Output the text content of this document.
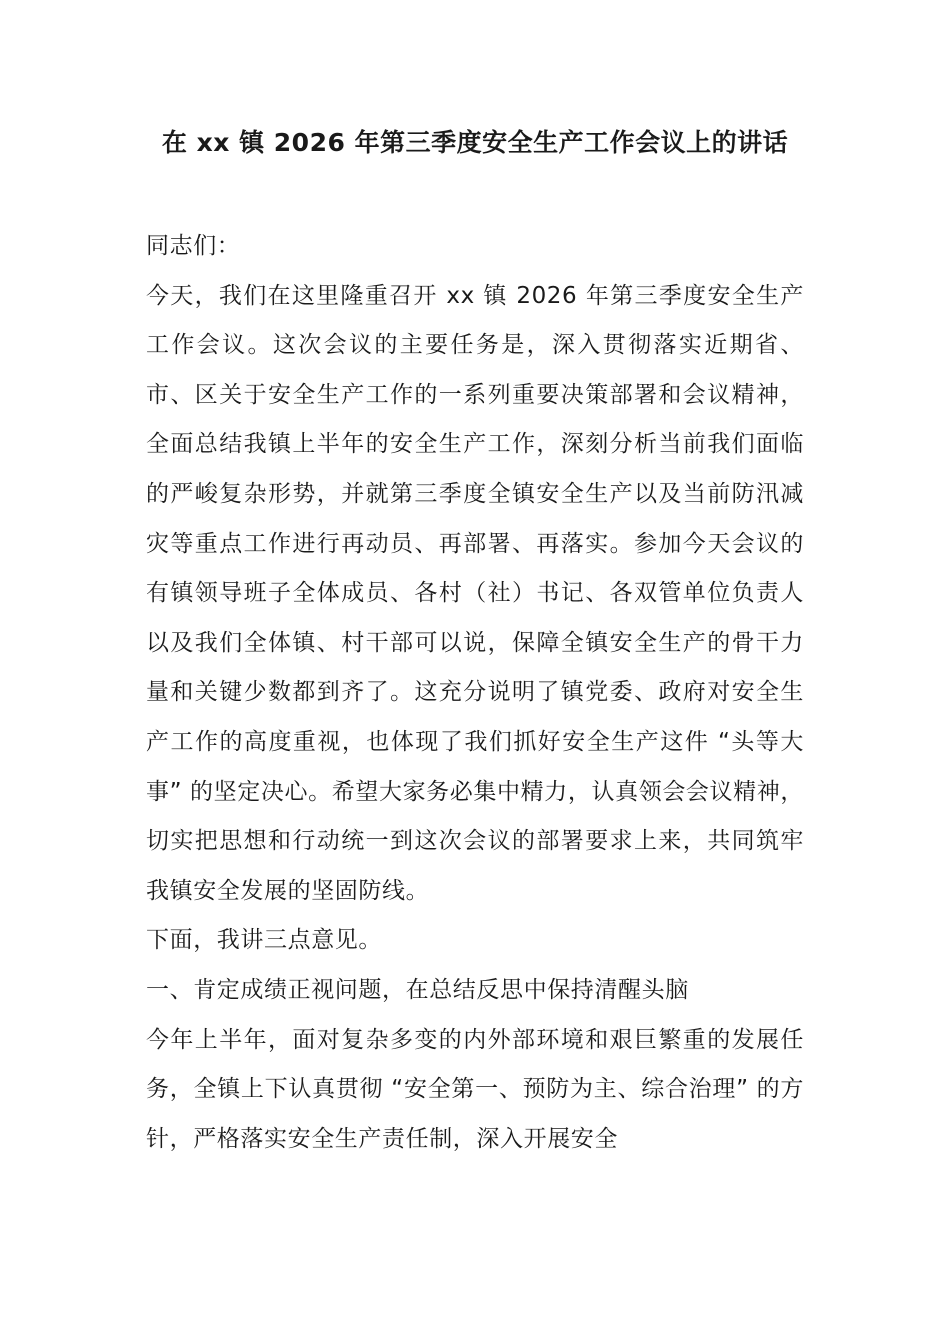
在 xx 镇 2026 年第三季度安全生产工作会议上的讲话

同志们：

今天，我们在这里隆重召开 xx 镇 2026 年第三季度安全生产工作会议。这次会议的主要任务是，深入贯彻落实近期省、市、区关于安全生产工作的一系列重要决策部署和会议精神，全面总结我镇上半年的安全生产工作，深刻分析当前我们面临的严峻复杂形势，并就第三季度全镇安全生产以及当前防汛减灾等重点工作进行再动员、再部署、再落实。参加今天会议的有镇领导班子全体成员、各村（社）书记、各双管单位负责人以及我们全体镇、村干部可以说，保障全镇安全生产的骨干力量和关键少数都到齐了。这充分说明了镇党委、政府对安全生产工作的高度重视，也体现了我们抓好安全生产这件 “头等大事” 的坚定决心。希望大家务必集中精力，认真领会会议精神，切实把思想和行动统一到这次会议的部署要求上来，共同筑牢我镇安全发展的坚固防线。

下面，我讲三点意见。

一、肯定成绩正视问题，在总结反思中保持清醒头脑

今年上半年，面对复杂多变的内外部环境和艰巨繁重的发展任务，全镇上下认真贯彻 “安全第一、预防为主、综合治理” 的方针，严格落实安全生产责任制，深入开展安全
